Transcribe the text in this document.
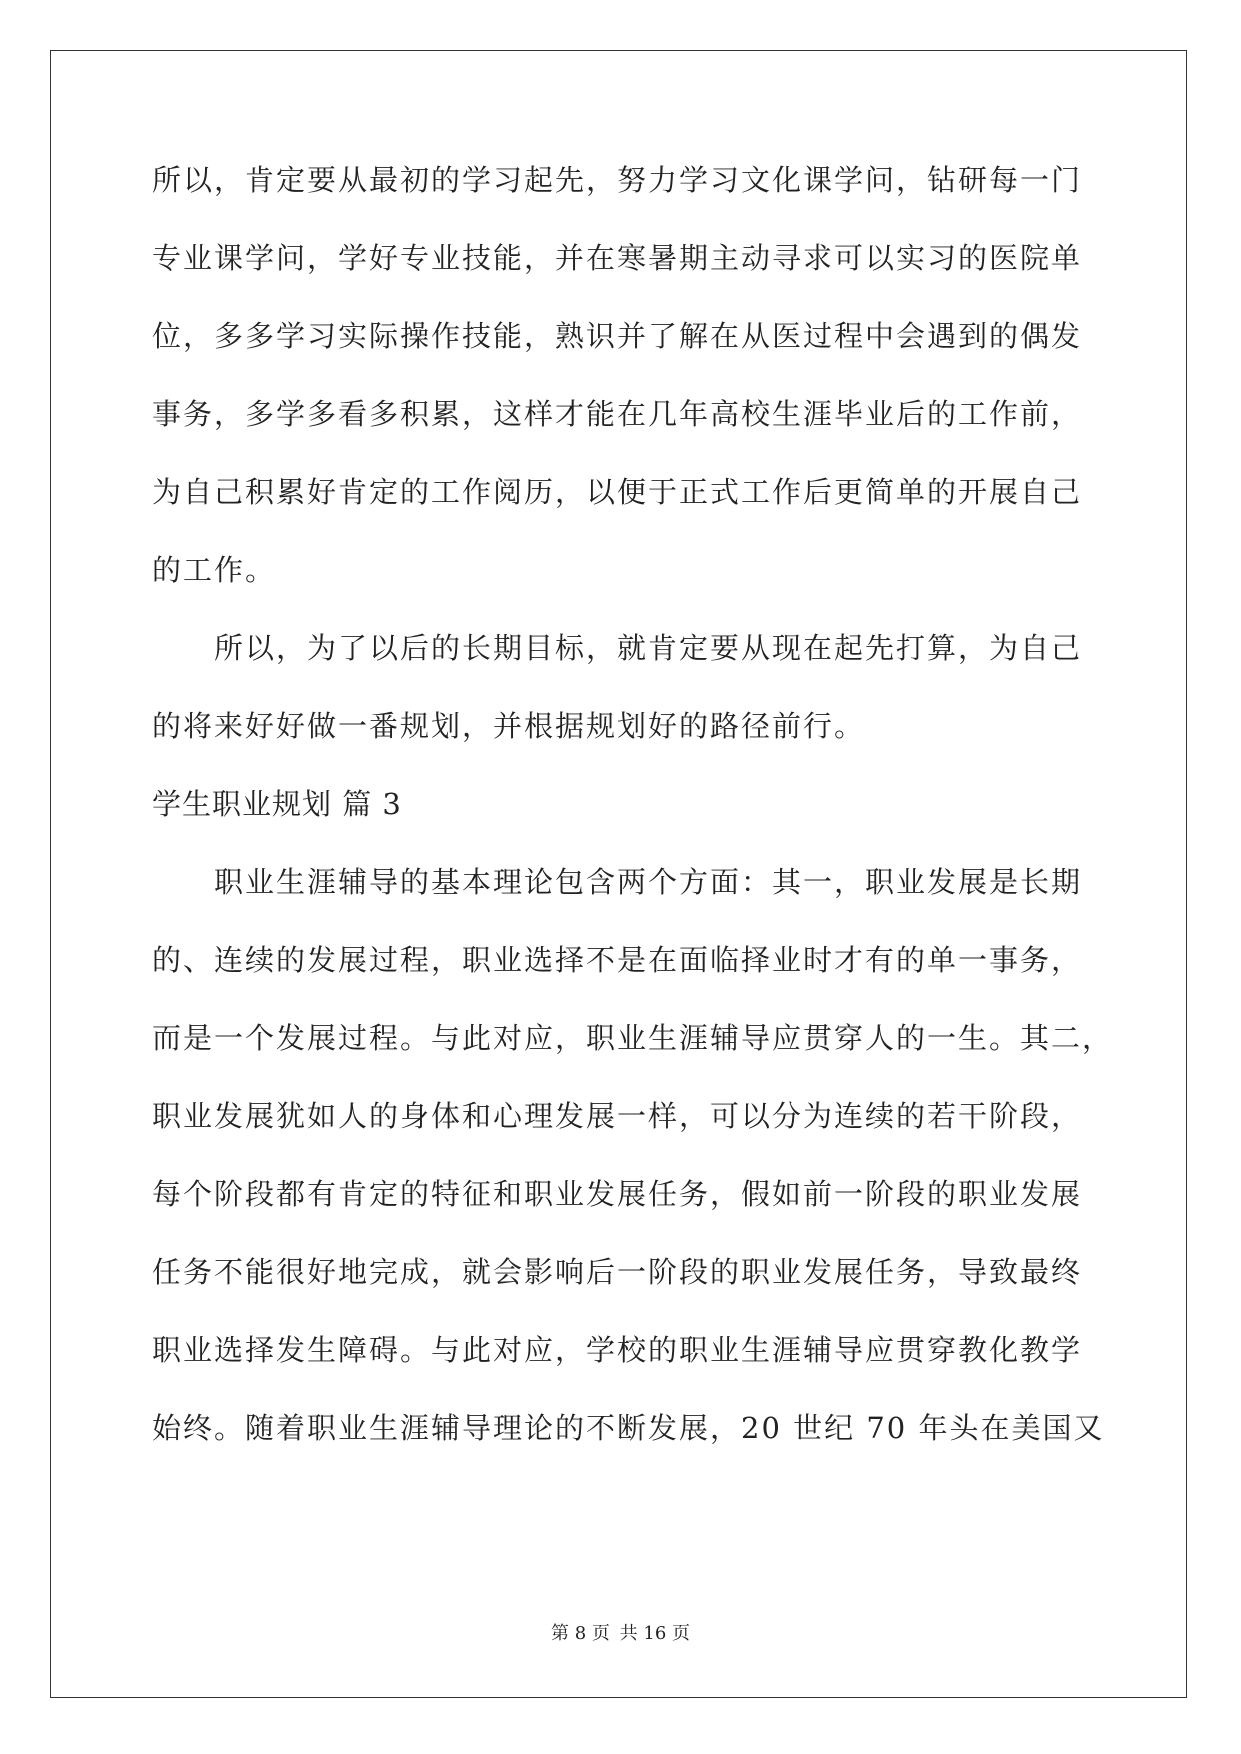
所以，肯定要从最初的学习起先，努力学习文化课学问，钻研每一门
专业课学问，学好专业技能，并在寒暑期主动寻求可以实习的医院单
位，多多学习实际操作技能，熟识并了解在从医过程中会遇到的偶发
事务，多学多看多积累，这样才能在几年高校生涯毕业后的工作前，
为自己积累好肯定的工作阅历，以便于正式工作后更简单的开展自己
的工作。
所以，为了以后的长期目标，就肯定要从现在起先打算，为自己
的将来好好做一番规划，并根据规划好的路径前行。
学生职业规划 篇 3
职业生涯辅导的基本理论包含两个方面：其一，职业发展是长期
的、连续的发展过程，职业选择不是在面临择业时才有的单一事务，
而是一个发展过程。与此对应，职业生涯辅导应贯穿人的一生。其二，
职业发展犹如人的身体和心理发展一样，可以分为连续的若干阶段，
每个阶段都有肯定的特征和职业发展任务，假如前一阶段的职业发展
任务不能很好地完成，就会影响后一阶段的职业发展任务，导致最终
职业选择发生障碍。与此对应，学校的职业生涯辅导应贯穿教化教学
始终。随着职业生涯辅导理论的不断发展，20 世纪 70 年头在美国又
第 8 页 共 16 页
